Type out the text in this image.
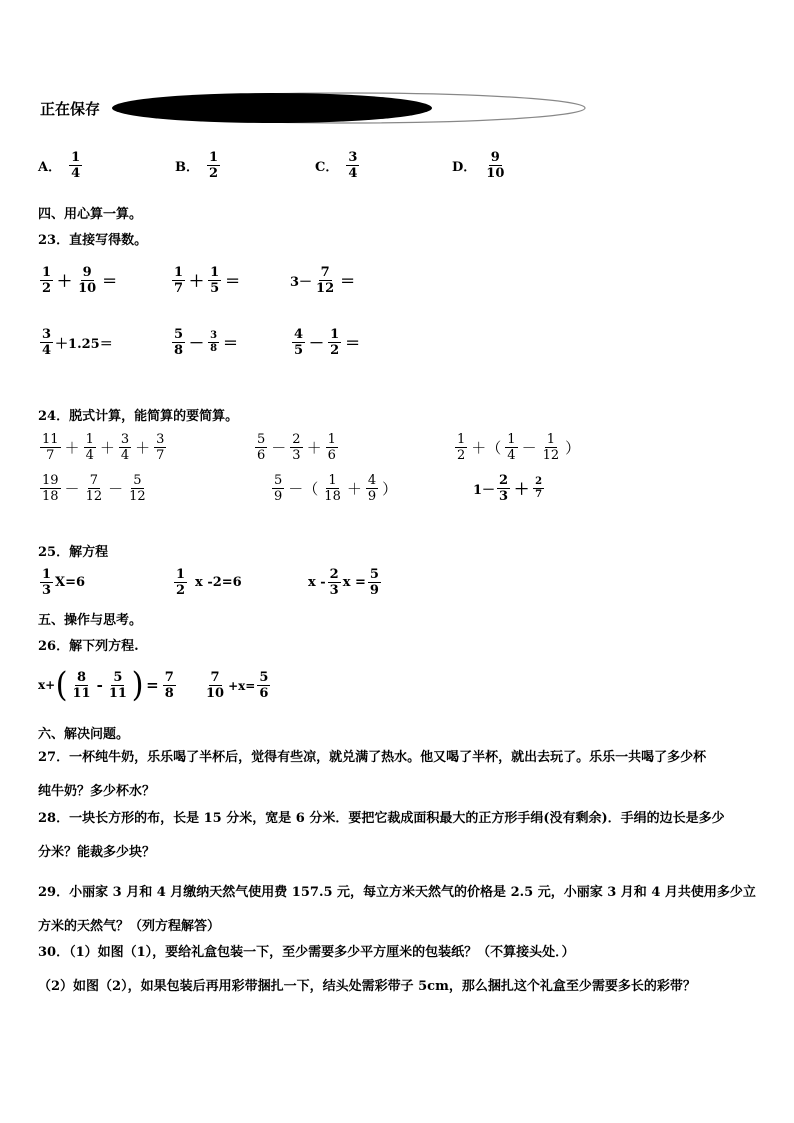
正在保存
A． $\frac{1}{4}$	B． $\frac{1}{2}$	C． $\frac{3}{4}$	D． $\frac{9}{10}$
四、用心算一算。
23．直接写得数。
$\frac{1}{2} + \frac{9}{10}$ ＝	$\frac{1}{7} + \frac{1}{5}$ ＝	$3- \frac{7}{12}$ ＝
$\frac{3}{4} +1.25=$	$\frac{5}{8} - \frac{3}{8}$ ＝	$\frac{4}{5} - \frac{1}{2}$ ＝
24．脱式计算，能简算的要简算。
$\frac{11}{7} + \frac{1}{4} + \frac{3}{4} + \frac{3}{7}$	$\frac{5}{6} - \frac{2}{3} + \frac{1}{6}$	$\frac{1}{2}$ ＋（ $\frac{1}{4} - \frac{1}{12}$ ）
$\frac{19}{18} - \frac{7}{12} - \frac{5}{12}$	$\frac{5}{9}$ －（ $\frac{1}{18} + \frac{4}{9}$ ）	$1- \frac{2}{3} + \frac{2}{7}$
25．解方程
$\frac{1}{3} X=6$	$\frac{1}{2}$ x -2=6	x - $\frac{2}{3}$ $x = \frac{5}{9}$
五、操作与思考。
26．解下列方程.
x+ ( $\frac{8}{11} - \frac{5}{11}$ ) = $\frac{7}{8} \frac{7}{10} +x= \frac{5}{6}$
六、解决问题。
27．一杯纯牛奶，乐乐喝了半杯后，觉得有些凉，就兑满了热水。他又喝了半杯，就出去玩了。乐乐一共喝了多少杯
纯牛奶？多少杯水？
28．一块长方形的布，长是 15 分米，宽是 6 分米．要把它裁成面积最大的正方形手绢(没有剩余)．手绢的边长是多少
分米？能裁多少块？
29．小丽家 3 月和 4 月缴纳天然气使用费 157.5 元，每立方米天然气的价格是 2.5 元，小丽家 3 月和 4 月共使用多少立
方米的天然气？（列方程解答）
30．（1）如图（1），要给礼盒包装一下，至少需要多少平方厘米的包装纸？（不算接头处．）
（2）如图（2），如果包装后再用彩带捆扎一下，结头处需彩带子 5cm，那么捆扎这个礼盒至少需要多长的彩带？
